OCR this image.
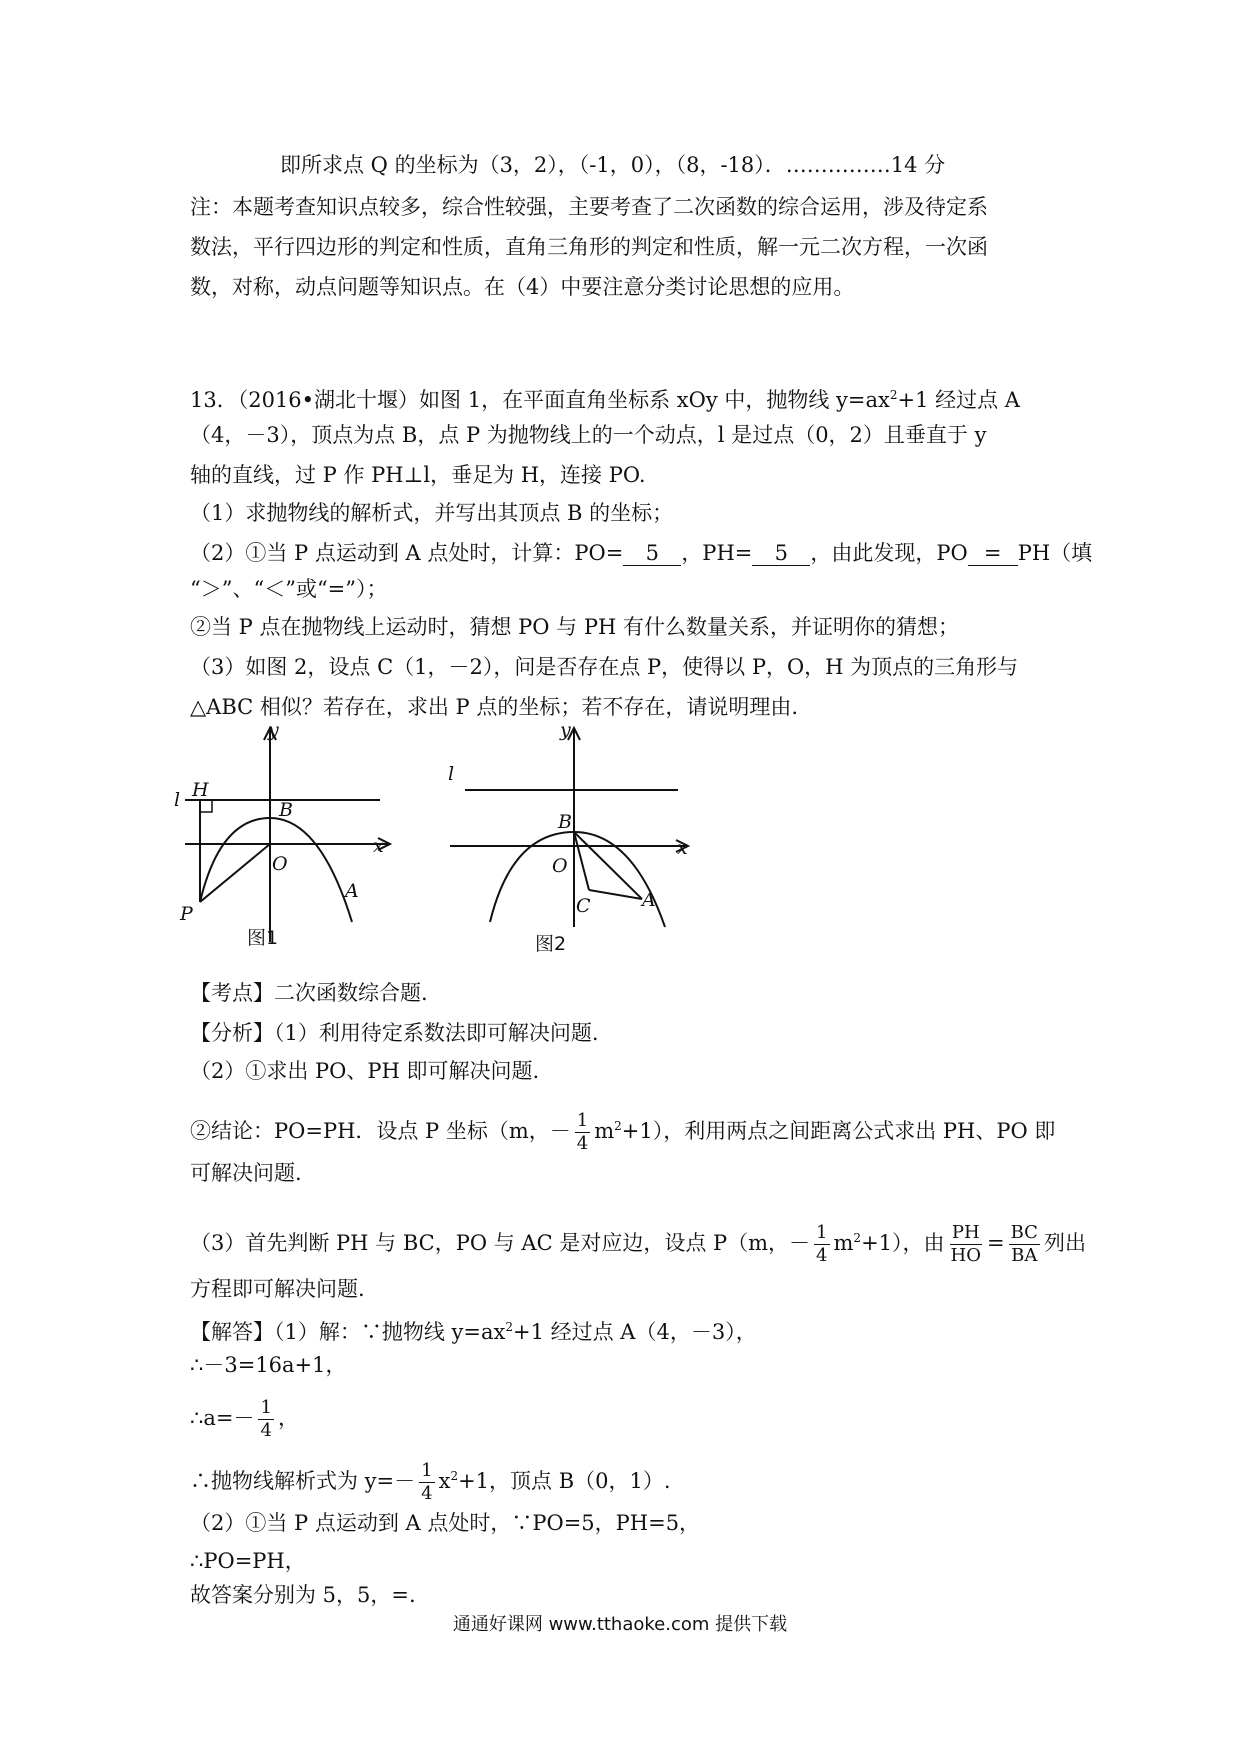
即所求点 Q 的坐标为（3，2），（-1，0），（8，-18）．……………14 分
注：本题考查知识点较多，综合性较强，主要考查了二次函数的综合运用，涉及待定系
数法，平行四边形的判定和性质，直角三角形的判定和性质，解一元二次方程，一次函
数，对称，动点问题等知识点。在（4）中要注意分类讨论思想的应用。
13．（2016•湖北十堰）如图 1，在平面直角坐标系 xOy 中，抛物线 $y=ax^2+1$ 经过点 A
（4，－3），顶点为点 B，点 P 为抛物线上的一个动点，l 是过点（0，2）且垂直于 y
轴的直线，过 P 作 PH⊥l，垂足为 H，连接 PO.
（1）求抛物线的解析式，并写出其顶点 B 的坐标；
（2）①当 P 点运动到 A 点处时，计算：PO= 5 ，PH= 5 ，由此发现，PO = PH（填
“＞”、“＜”或“=”）；
②当 P 点在抛物线上运动时，猜想 PO 与 PH 有什么数量关系，并证明你的猜想；
（3）如图 2，设点 C（1，－2），问是否存在点 P，使得以 P，O，H 为顶点的三角形与
△ABC 相似？若存在，求出 P 点的坐标；若不存在，请说明理由.
y
x
l H
B
O
A
P
图1
y
x
l
B
O
A
C
图2
【考点】二次函数综合题.
【分析】（1）利用待定系数法即可解决问题.
（2）①求出 PO、PH 即可解决问题.
②结论：PO=PH．设点 P 坐标（m，－ $\frac{1}{4} m^2+1$），利用两点之间距离公式求出 PH、PO 即
可解决问题.
（3）首先判断 PH 与 BC，PO 与 AC 是对应边，设点 P（m，－ $\frac{1}{4} m^2+1$），由 $\frac{PH}{HO} = \frac{BC}{BA}$ 列出
方程即可解决问题.
【解答】（1）解：∵抛物线 $y=ax^2+1$ 经过点 A（4，－3），
∴－3=16a+1，
∴a=－ $\frac{1}{4}$ ，
∴抛物线解析式为 $y=- \frac{1}{4} x^2+1$，顶点 B（0，1）.
（2）①当 P 点运动到 A 点处时，∵PO=5，PH=5，
∴PO=PH，
故答案分别为 5，5，=.
通通好课网 www.tthaoke.com 提供下载
